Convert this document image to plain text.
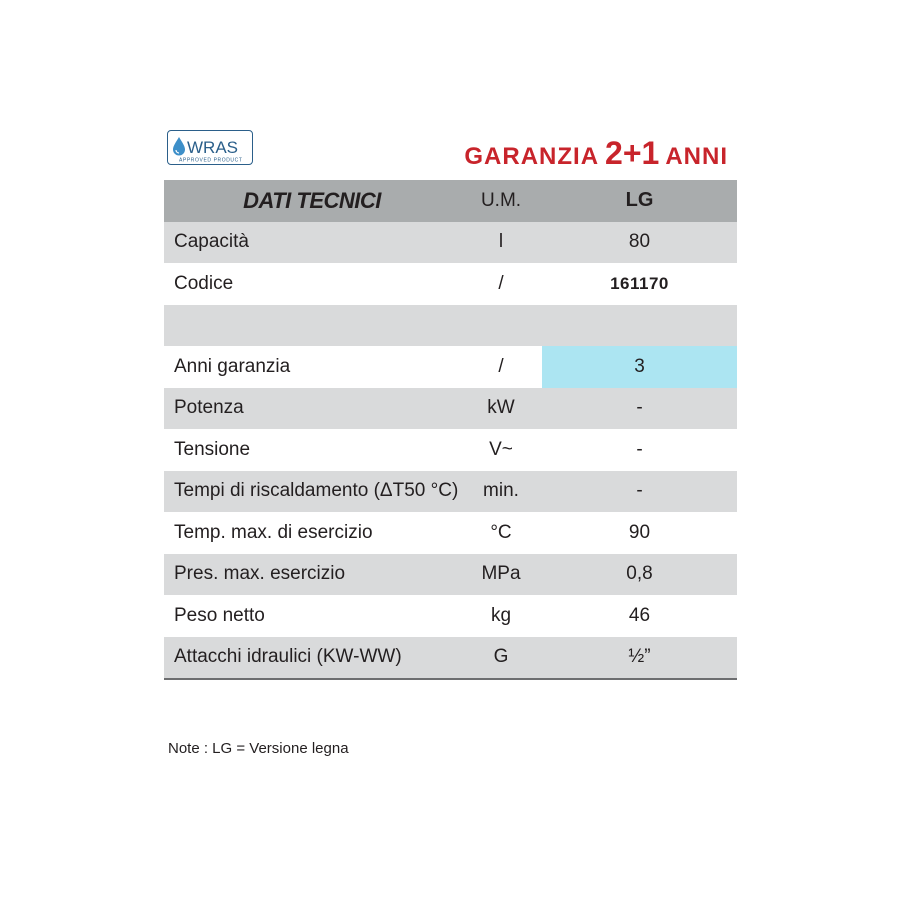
WRAS
APPROVED PRODUCT	GARANZIA 2+1 ANNI
DATI TECNICI	U.M.	LG
Capacità	l	80
Codice	/	161170

Anni garanzia	/	3
Potenza	kW	-
Tensione	V~	-
Tempi di riscaldamento (ΔT50 °C)	min.	-
Temp. max. di esercizio	°C	90
Pres. max. esercizio	MPa	0,8
Peso netto	kg	46
Attacchi idraulici (KW-WW)	G	½”
Note : LG = Versione legna
